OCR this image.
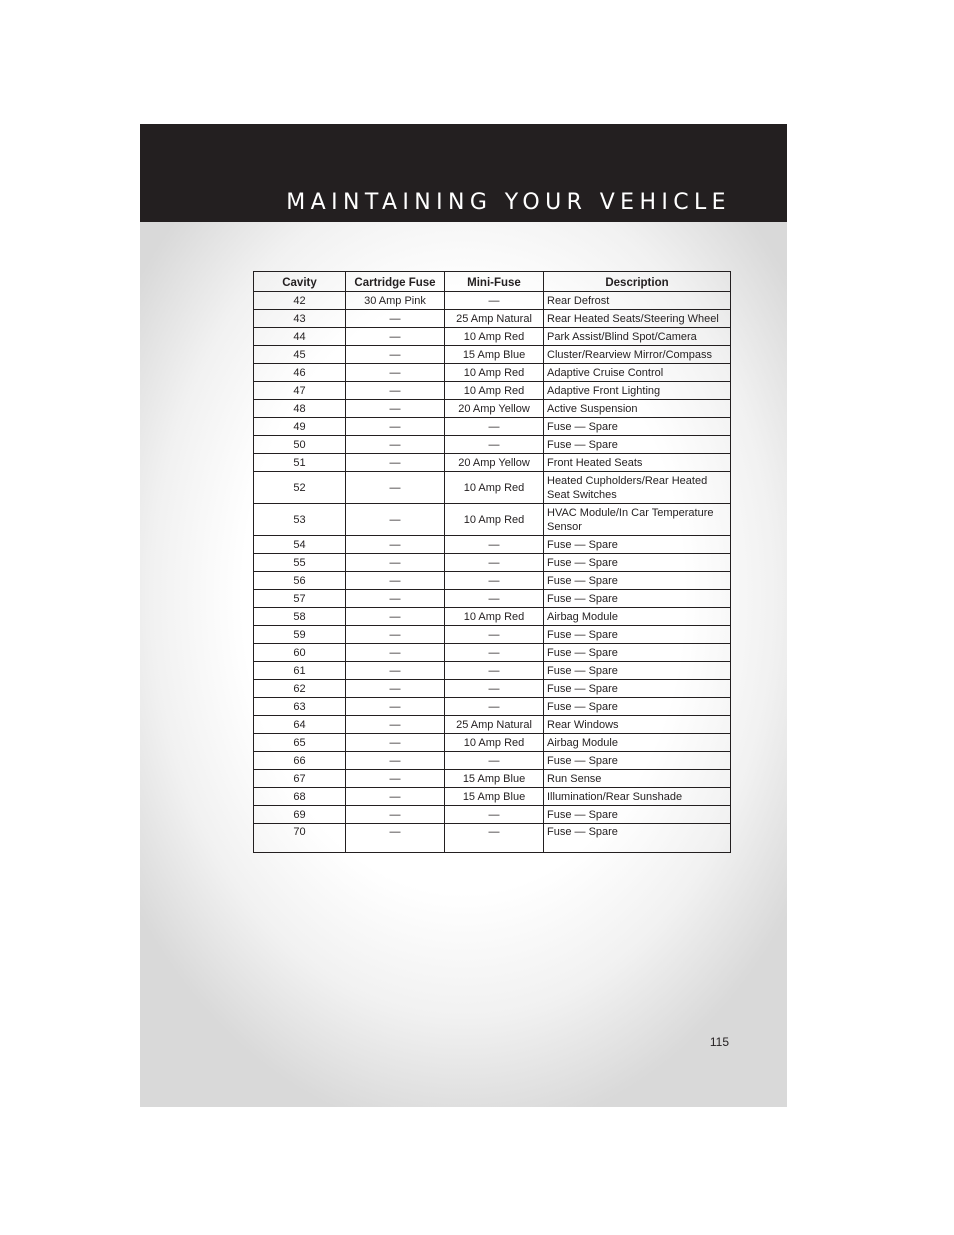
MAINTAINING YOUR VEHICLE
Cavity	Cartridge Fuse	Mini-Fuse	Description
42	30 Amp Pink	—	Rear Defrost
43	—	25 Amp Natural	Rear Heated Seats/Steering Wheel
44	—	10 Amp Red	Park Assist/Blind Spot/Camera
45	—	15 Amp Blue	Cluster/Rearview Mirror/Compass
46	—	10 Amp Red	Adaptive Cruise Control
47	—	10 Amp Red	Adaptive Front Lighting
48	—	20 Amp Yellow	Active Suspension
49	—	—	Fuse — Spare
50	—	—	Fuse — Spare
51	—	20 Amp Yellow	Front Heated Seats
52	—	10 Amp Red	Heated Cupholders/Rear Heated Seat Switches
53	—	10 Amp Red	HVAC Module/In Car Temperature Sensor
54	—	—	Fuse — Spare
55	—	—	Fuse — Spare
56	—	—	Fuse — Spare
57	—	—	Fuse — Spare
58	—	10 Amp Red	Airbag Module
59	—	—	Fuse — Spare
60	—	—	Fuse — Spare
61	—	—	Fuse — Spare
62	—	—	Fuse — Spare
63	—	—	Fuse — Spare
64	—	25 Amp Natural	Rear Windows
65	—	10 Amp Red	Airbag Module
66	—	—	Fuse — Spare
67	—	15 Amp Blue	Run Sense
68	—	15 Amp Blue	Illumination/Rear Sunshade
69	—	—	Fuse — Spare
70	—	—	Fuse — Spare
115
